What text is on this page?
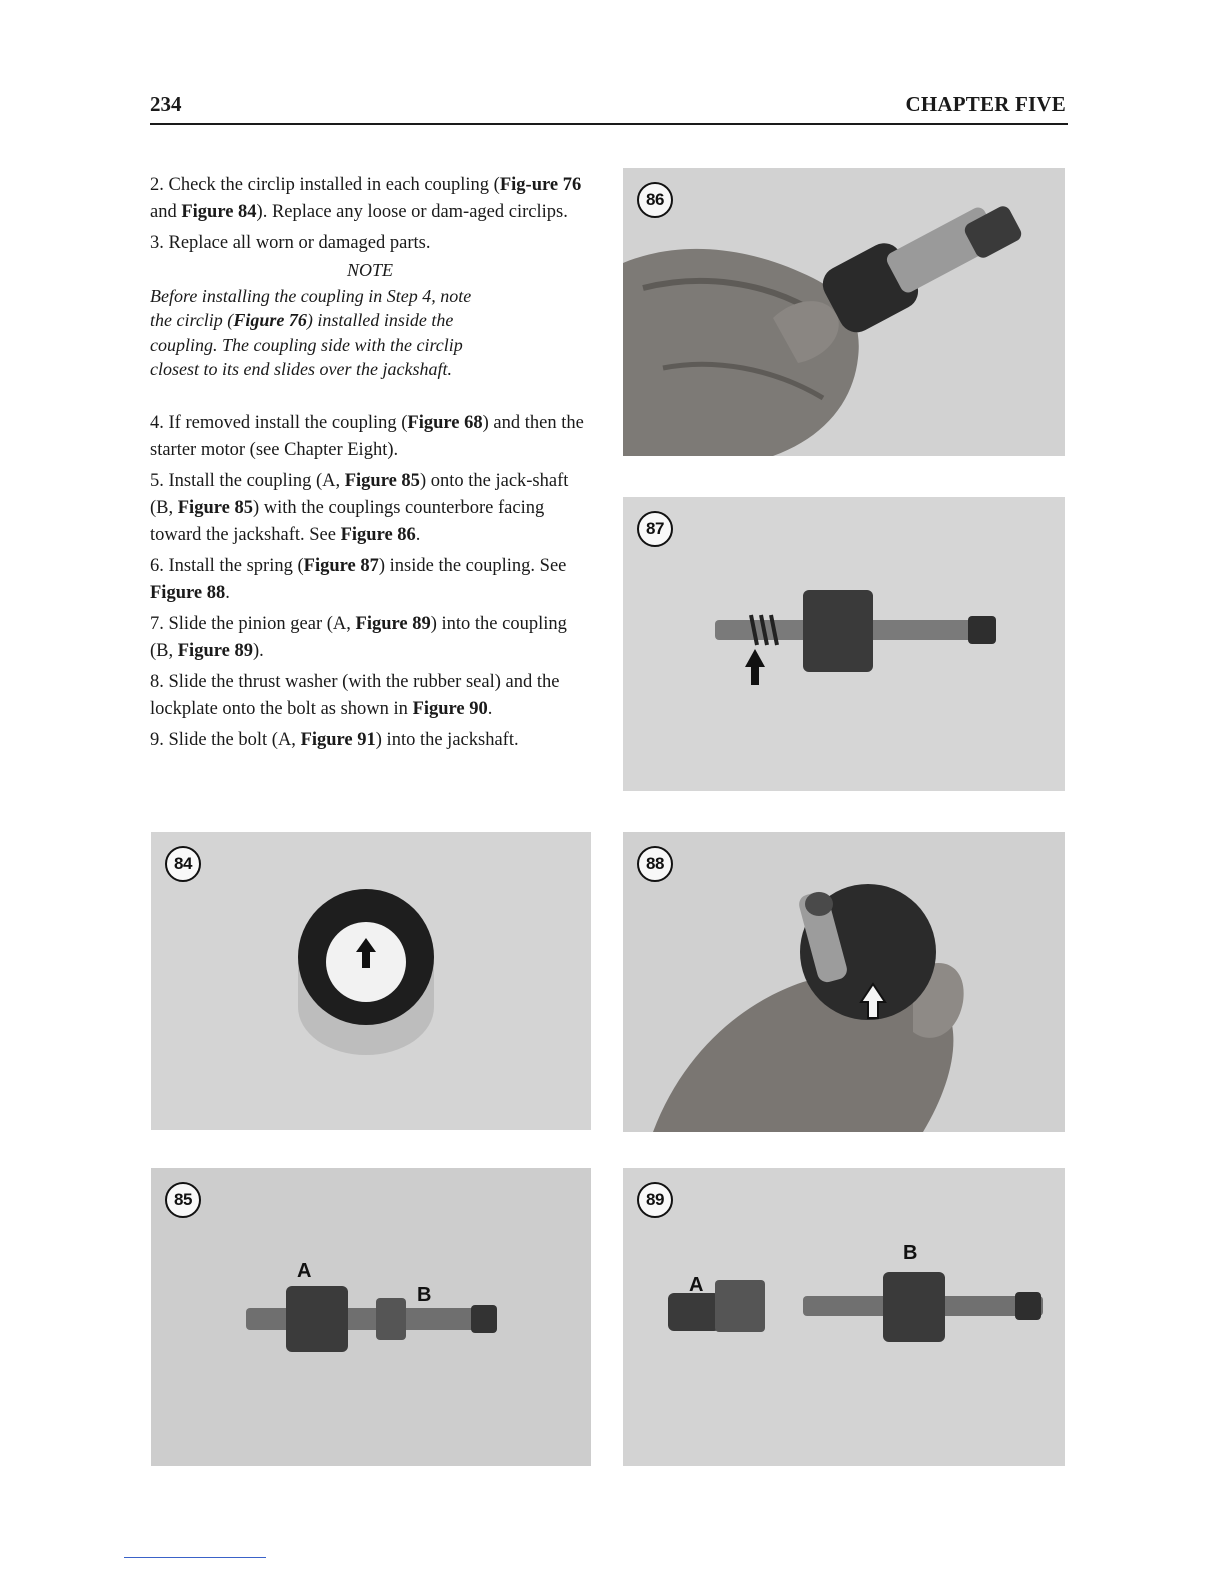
234	CHAPTER FIVE

2. Check the circlip installed in each coupling (Fig-ure 76 and Figure 84). Replace any loose or dam-aged circlips.

3. Replace all worn or damaged parts.

NOTE

Before installing the coupling in Step 4, note the circlip (Figure 76) installed inside the coupling. The coupling side with the circlip closest to its end slides over the jackshaft.

4. If removed install the coupling (Figure 68) and then the starter motor (see Chapter Eight).

5. Install the coupling (A, Figure 85) onto the jack-shaft (B, Figure 85) with the couplings counterbore facing toward the jackshaft. See Figure 86.

6. Install the spring (Figure 87) inside the coupling. See Figure 88.

7. Slide the pinion gear (A, Figure 89) into the coupling (B, Figure 89).

8. Slide the thrust washer (with the rubber seal) and the lockplate onto the bolt as shown in Figure 90.

9. Slide the bolt (A, Figure 91) into the jackshaft.

86
87
84	88
85
A
B
89
A
B
